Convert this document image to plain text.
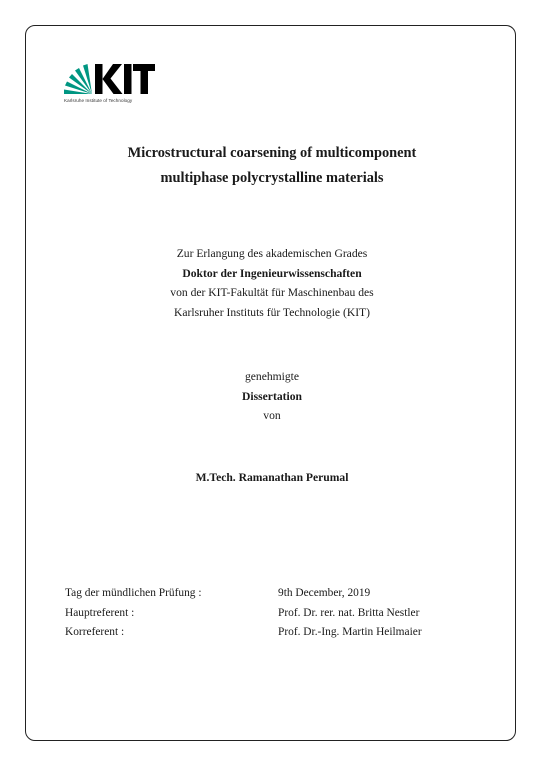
Karlsruhe Institute of Technology
Microstructural coarsening of multicomponent
multiphase polycrystalline materials
Zur Erlangung des akademischen Grades
Doktor der Ingenieurwissenschaften
von der KIT-Fakultät für Maschinenbau des
Karlsruher Instituts für Technologie (KIT)
genehmigte
Dissertation
von
M.Tech. Ramanathan Perumal
Tag der mündlichen Prüfung :	9th December, 2019
Hauptreferent :	Prof. Dr. rer. nat. Britta Nestler
Korreferent :	Prof. Dr.-Ing. Martin Heilmaier
